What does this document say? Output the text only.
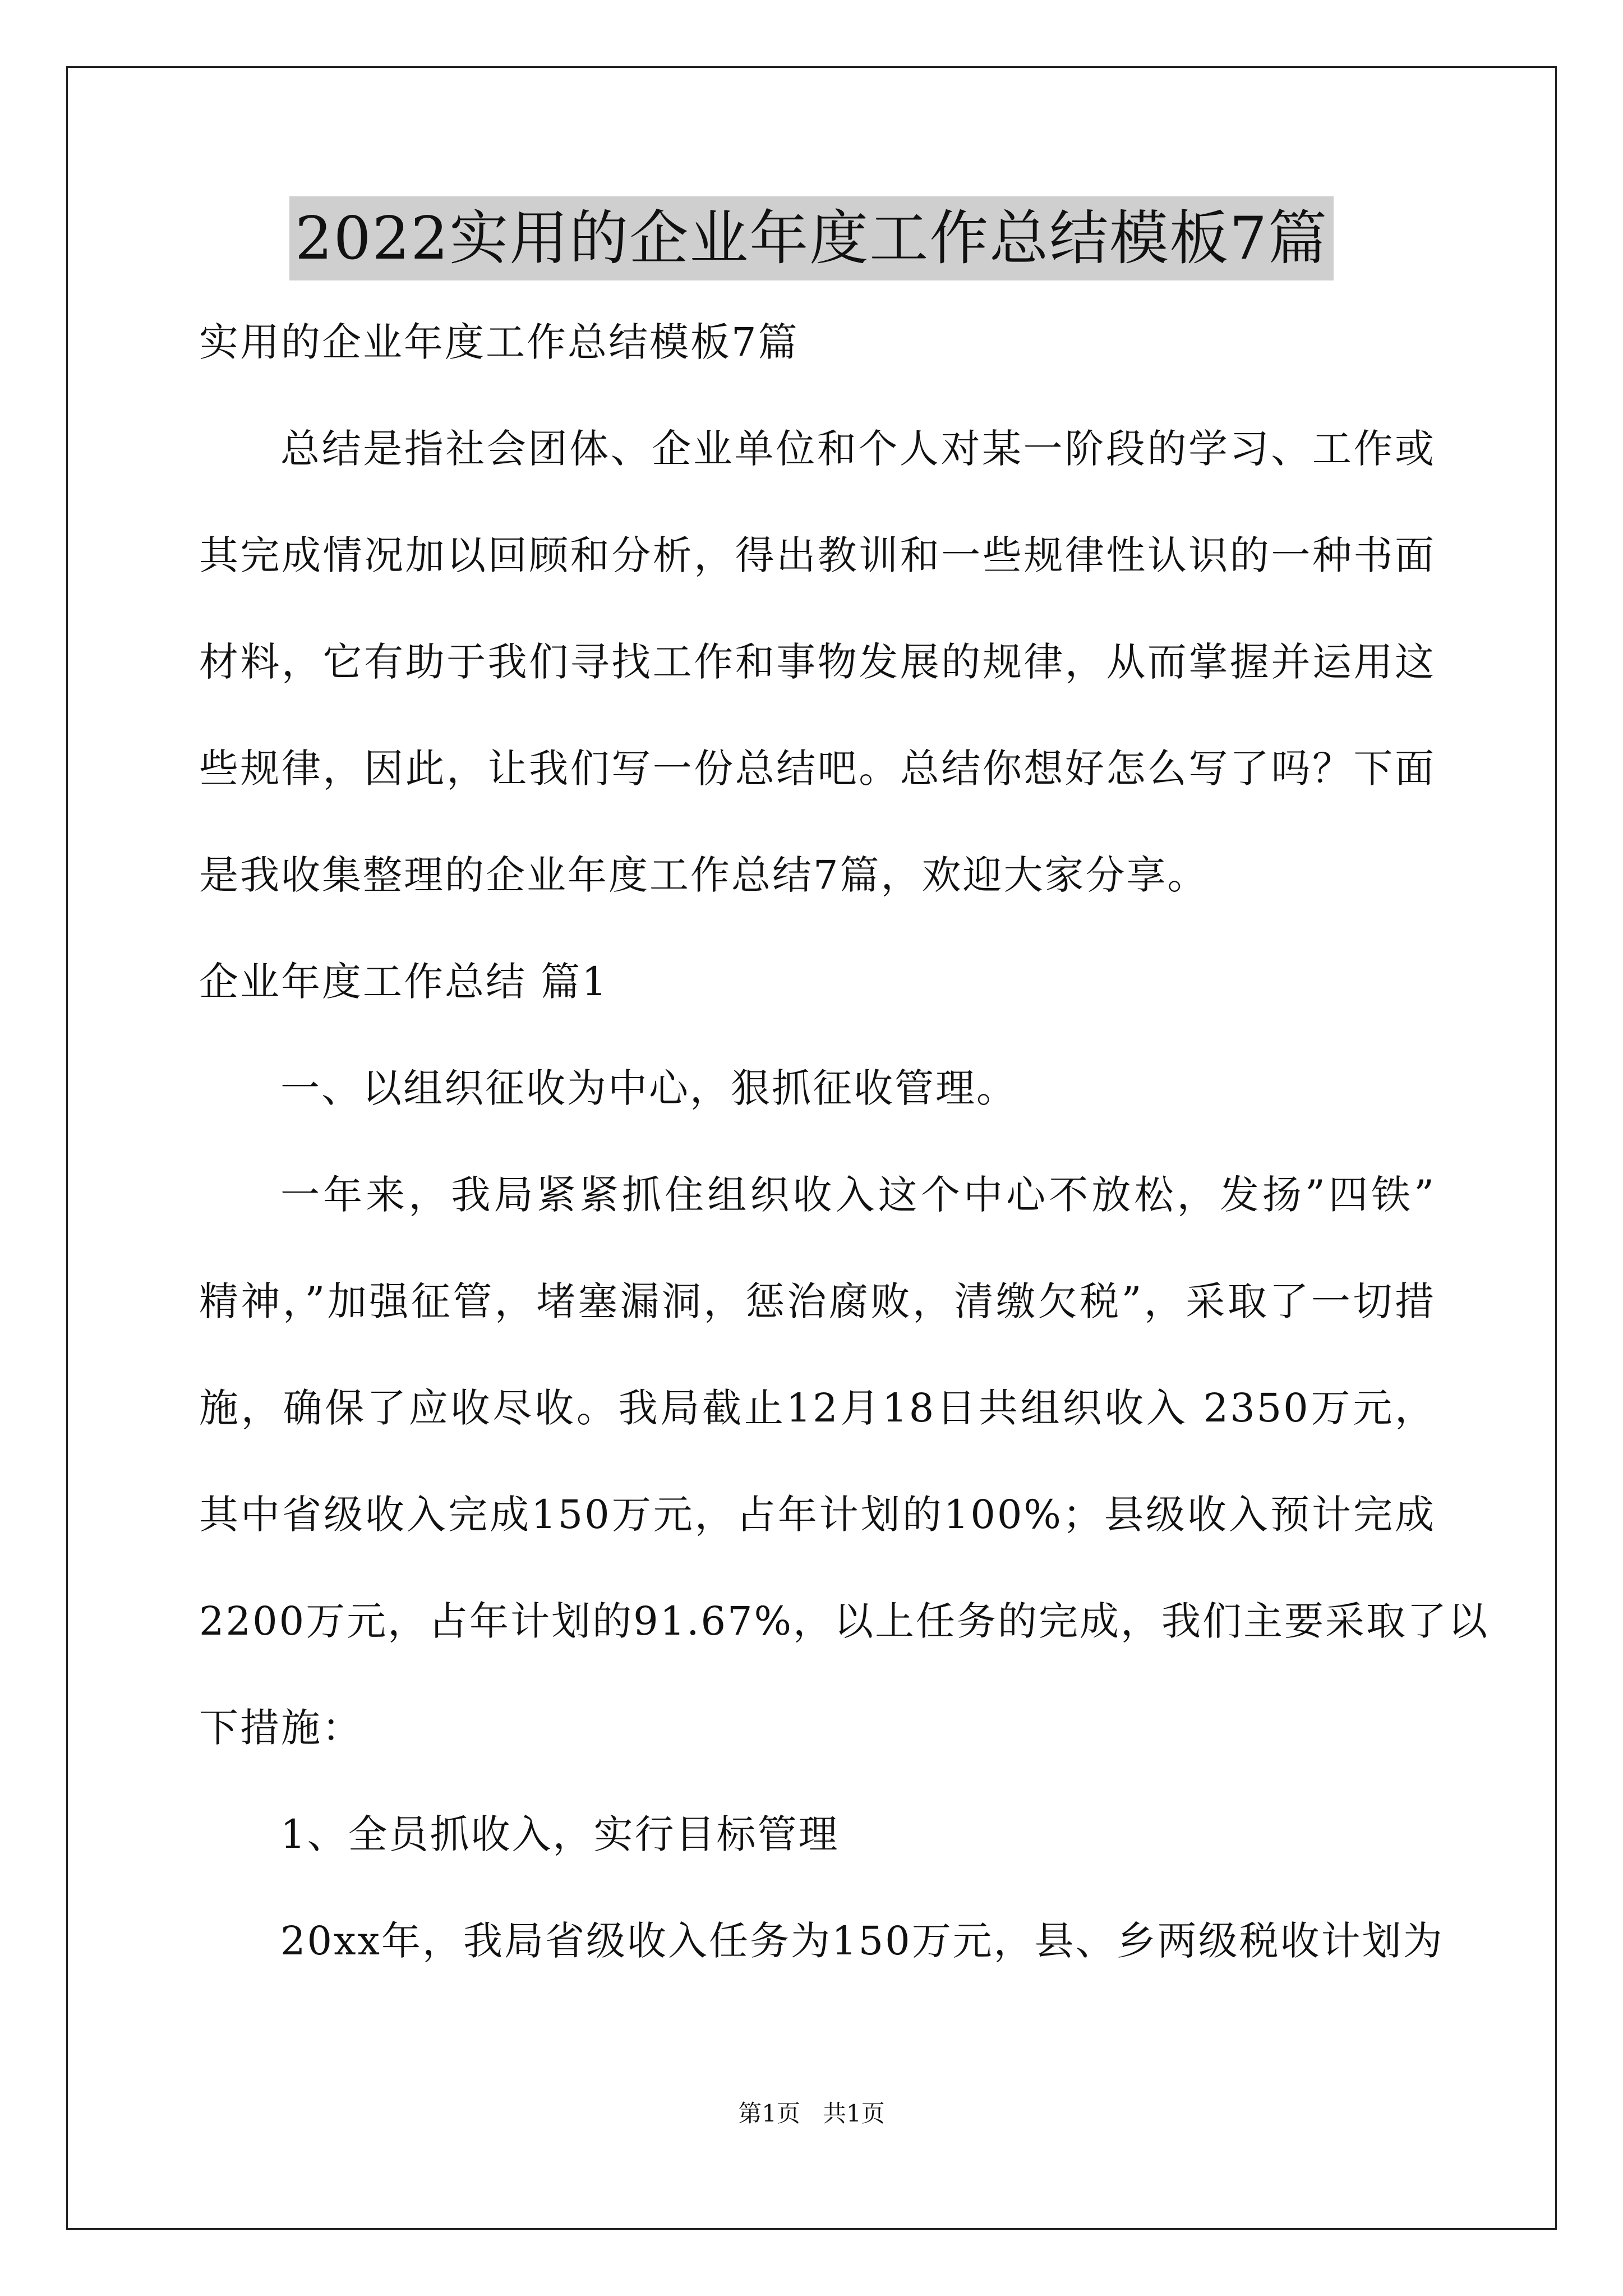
2022实用的企业年度工作总结模板7篇
实用的企业年度工作总结模板7篇
总结是指社会团体、企业单位和个人对某一阶段的学习、工作或
其完成情况加以回顾和分析，得出教训和一些规律性认识的一种书面
材料，它有助于我们寻找工作和事物发展的规律，从而掌握并运用这
些规律，因此，让我们写一份总结吧。总结你想好怎么写了吗？下面
是我收集整理的企业年度工作总结7篇，欢迎大家分享。
企业年度工作总结 篇1
一、以组织征收为中心，狠抓征收管理。
一年来，我局紧紧抓住组织收入这个中心不放松，发扬”四铁”
精神，”加强征管，堵塞漏洞，惩治腐败，清缴欠税”，采取了一切措
施，确保了应收尽收。我局截止12月18日共组织收入 2350万元，
其中省级收入完成150万元，占年计划的100%；县级收入预计完成
2200万元，占年计划的91.67%，以上任务的完成，我们主要采取了以
下措施：
1、全员抓收入，实行目标管理
20xx年，我局省级收入任务为150万元，县、乡两级税收计划为
第1页 共1页
